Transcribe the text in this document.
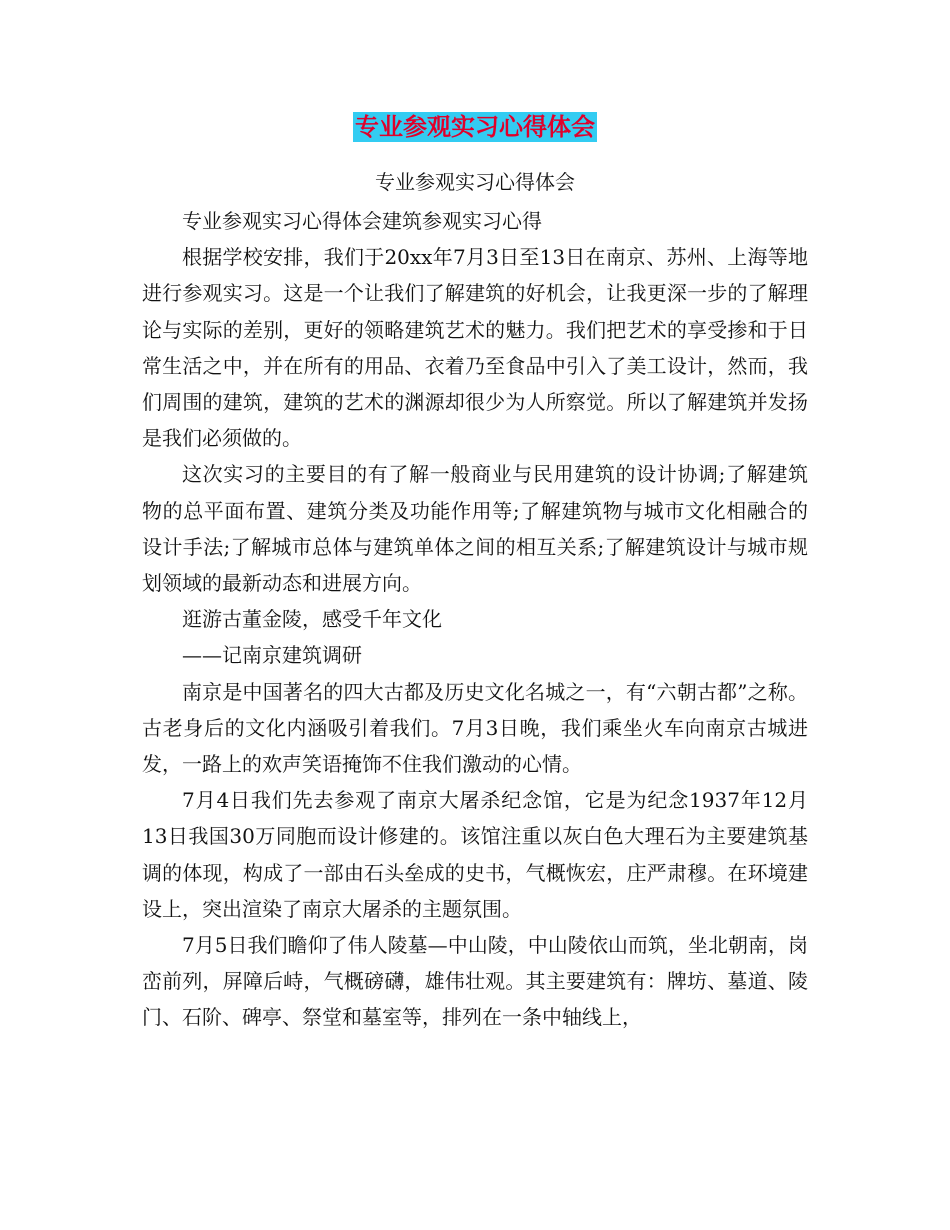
专业参观实习心得体会
专业参观实习心得体会

专业参观实习心得体会建筑参观实习心得

根据学校安排，我们于20xx年7月3日至13日在南京、苏州、上海等地进行参观实习。这是一个让我们了解建筑的好机会，让我更深一步的了解理论与实际的差别，更好的领略建筑艺术的魅力。我们把艺术的享受掺和于日常生活之中，并在所有的用品、衣着乃至食品中引入了美工设计，然而，我们周围的建筑，建筑的艺术的渊源却很少为人所察觉。所以了解建筑并发扬是我们必须做的。

这次实习的主要目的有了解一般商业与民用建筑的设计协调;了解建筑物的总平面布置、建筑分类及功能作用等;了解建筑物与城市文化相融合的设计手法;了解城市总体与建筑单体之间的相互关系;了解建筑设计与城市规划领域的最新动态和进展方向。

逛游古董金陵，感受千年文化

——记南京建筑调研

南京是中国著名的四大古都及历史文化名城之一，有“六朝古都”之称。古老身后的文化内涵吸引着我们。7月3日晚，我们乘坐火车向南京古城进发，一路上的欢声笑语掩饰不住我们激动的心情。

7月4日我们先去参观了南京大屠杀纪念馆，它是为纪念1937年12月13日我国30万同胞而设计修建的。该馆注重以灰白色大理石为主要建筑基调的体现，构成了一部由石头垒成的史书，气概恢宏，庄严肃穆。在环境建设上，突出渲染了南京大屠杀的主题氛围。

7月5日我们瞻仰了伟人陵墓—中山陵，中山陵依山而筑，坐北朝南，岗峦前列，屏障后峙，气概磅礴，雄伟壮观。其主要建筑有：牌坊、墓道、陵门、石阶、碑亭、祭堂和墓室等，排列在一条中轴线上，
